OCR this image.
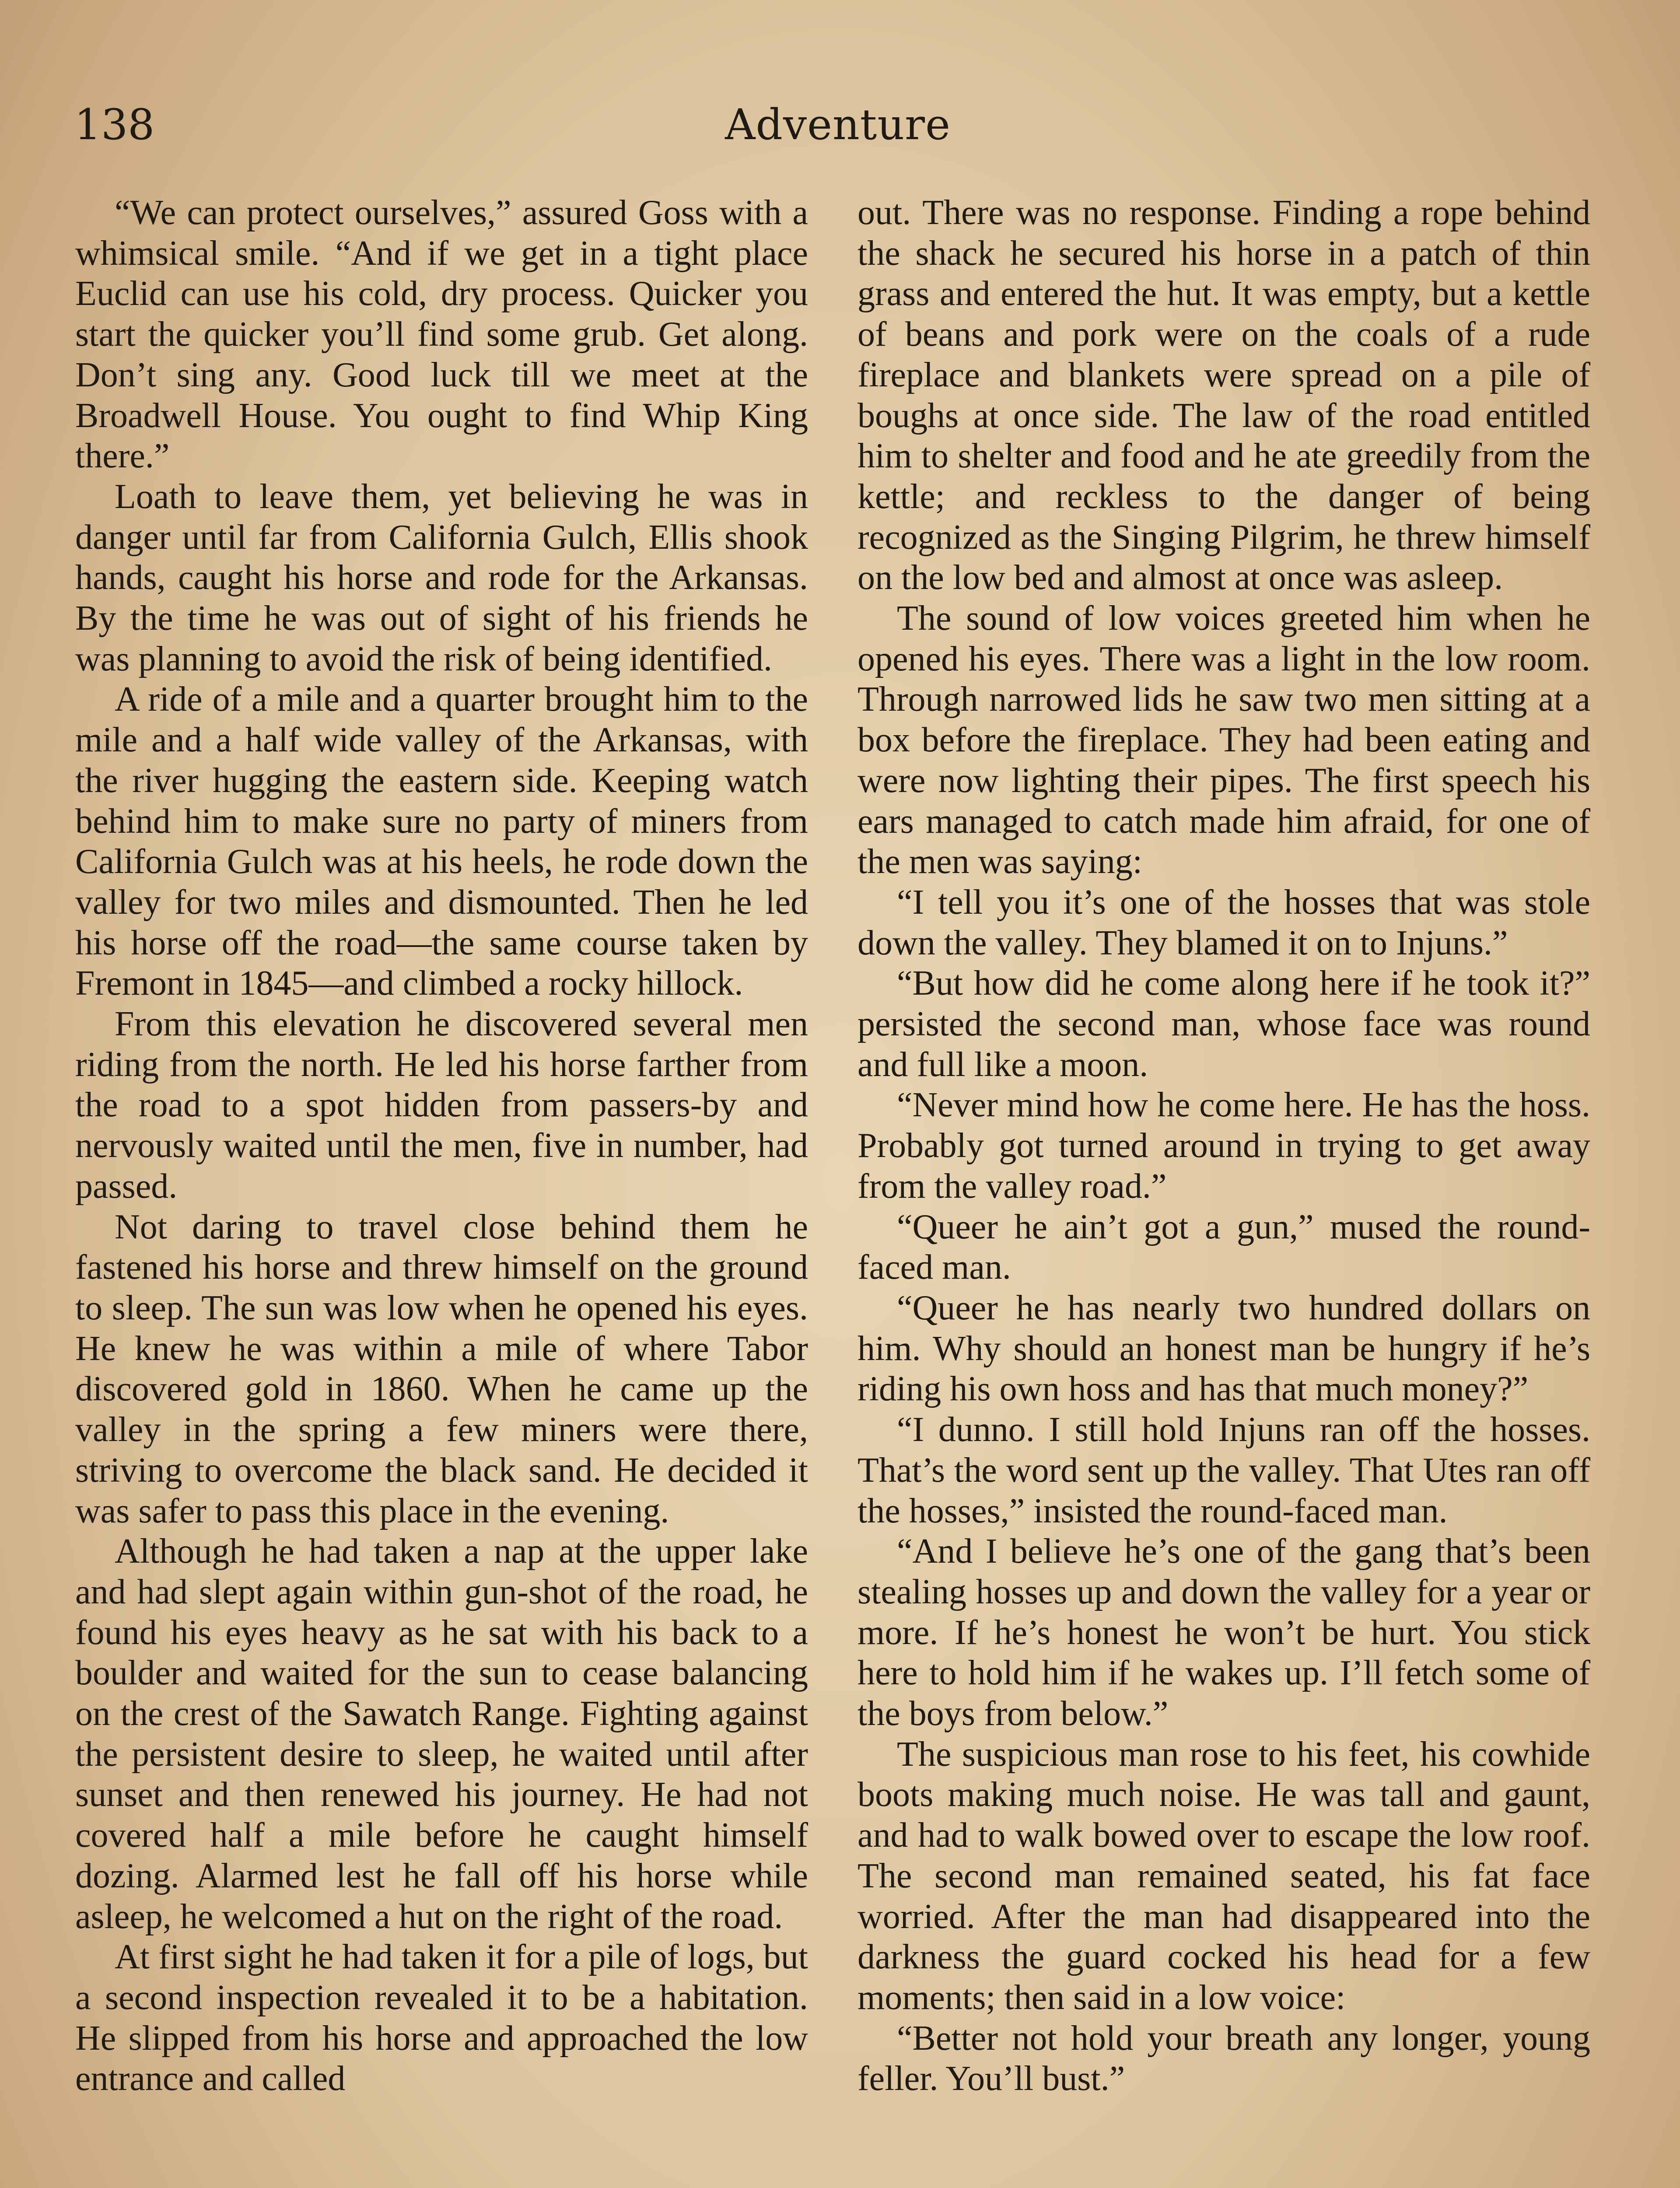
138	Adventure

“We can protect ourselves,” assured Goss with a whimsical smile. “And if we get in a tight place Euclid can use his cold, dry process. Quicker you start the quicker you’ll find some grub. Get along. Don’t sing any. Good luck till we meet at the Broadwell House. You ought to find Whip King there.”

Loath to leave them, yet believing he was in danger until far from California Gulch, Ellis shook hands, caught his horse and rode for the Arkansas. By the time he was out of sight of his friends he was planning to avoid the risk of being identified.

A ride of a mile and a quarter brought him to the mile and a half wide valley of the Arkansas, with the river hugging the eastern side. Keeping watch behind him to make sure no party of miners from California Gulch was at his heels, he rode down the valley for two miles and dismounted. Then he led his horse off the road—the same course taken by Fremont in 1845—and climbed a rocky hillock.

From this elevation he discovered several men riding from the north. He led his horse farther from the road to a spot hidden from passers-by and nervously waited until the men, five in number, had passed.

Not daring to travel close behind them he fastened his horse and threw himself on the ground to sleep. The sun was low when he opened his eyes. He knew he was within a mile of where Tabor discovered gold in 1860. When he came up the valley in the spring a few miners were there, striving to overcome the black sand. He decided it was safer to pass this place in the evening.

Although he had taken a nap at the upper lake and had slept again within gun-shot of the road, he found his eyes heavy as he sat with his back to a boulder and waited for the sun to cease balancing on the crest of the Sawatch Range. Fighting against the persistent desire to sleep, he waited until after sunset and then renewed his journey. He had not covered half a mile before he caught himself dozing. Alarmed lest he fall off his horse while asleep, he welcomed a hut on the right of the road.

At first sight he had taken it for a pile of logs, but a second inspection revealed it to be a habitation. He slipped from his horse and approached the low entrance and called

out. There was no response. Finding a rope behind the shack he secured his horse in a patch of thin grass and entered the hut. It was empty, but a kettle of beans and pork were on the coals of a rude fireplace and blankets were spread on a pile of boughs at once side. The law of the road entitled him to shelter and food and he ate greedily from the kettle; and reckless to the danger of being recognized as the Singing Pilgrim, he threw himself on the low bed and almost at once was asleep.

The sound of low voices greeted him when he opened his eyes. There was a light in the low room. Through narrowed lids he saw two men sitting at a box before the fireplace. They had been eating and were now lighting their pipes. The first speech his ears managed to catch made him afraid, for one of the men was saying:

“I tell you it’s one of the hosses that was stole down the valley. They blamed it on to Injuns.”

“But how did he come along here if he took it?” persisted the second man, whose face was round and full like a moon.

“Never mind how he come here. He has the hoss. Probably got turned around in trying to get away from the valley road.”

“Queer he ain’t got a gun,” mused the round-faced man.

“Queer he has nearly two hundred dollars on him. Why should an honest man be hungry if he’s riding his own hoss and has that much money?”

“I dunno. I still hold Injuns ran off the hosses. That’s the word sent up the valley. That Utes ran off the hosses,” insisted the round-faced man.

“And I believe he’s one of the gang that’s been stealing hosses up and down the valley for a year or more. If he’s honest he won’t be hurt. You stick here to hold him if he wakes up. I’ll fetch some of the boys from below.”

The suspicious man rose to his feet, his cowhide boots making much noise. He was tall and gaunt, and had to walk bowed over to escape the low roof. The second man remained seated, his fat face worried. After the man had disappeared into the darkness the guard cocked his head for a few moments; then said in a low voice:

“Better not hold your breath any longer, young feller. You’ll bust.”
